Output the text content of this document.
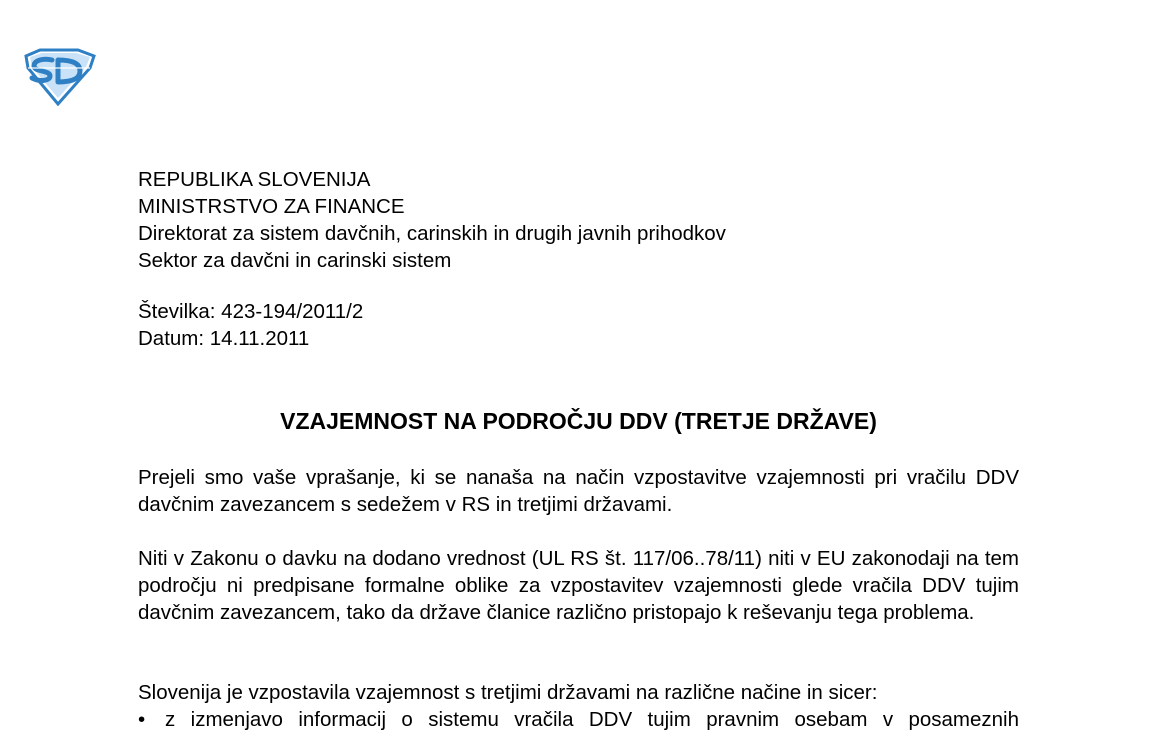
REPUBLIKA SLOVENIJA
MINISTRSTVO ZA FINANCE
Direktorat za sistem davčnih, carinskih in drugih javnih prihodkov
Sektor za davčni in carinski sistem
Številka: 423-194/2011/2
Datum: 14.11.2011
VZAJEMNOST NA PODROČJU DDV (TRETJE DRŽAVE)

Prejeli smo vaše vprašanje, ki se nanaša na način vzpostavitve vzajemnosti pri vračilu DDV davčnim zavezancem s sedežem v RS in tretjimi državami.

Niti v Zakonu o davku na dodano vrednost (UL RS št. 117/06..78/11) niti v EU zakonodaji na tem področju ni predpisane formalne oblike za vzpostavitev vzajemnosti glede vračila DDV tujim davčnim zavezancem, tako da države članice različno pristopajo k reševanju tega problema.

Slovenija je vzpostavila vzajemnost s tretjimi državami na različne načine in sicer:

• z izmenjavo informacij o sistemu vračila DDV tujim pravnim osebam v posameznih
